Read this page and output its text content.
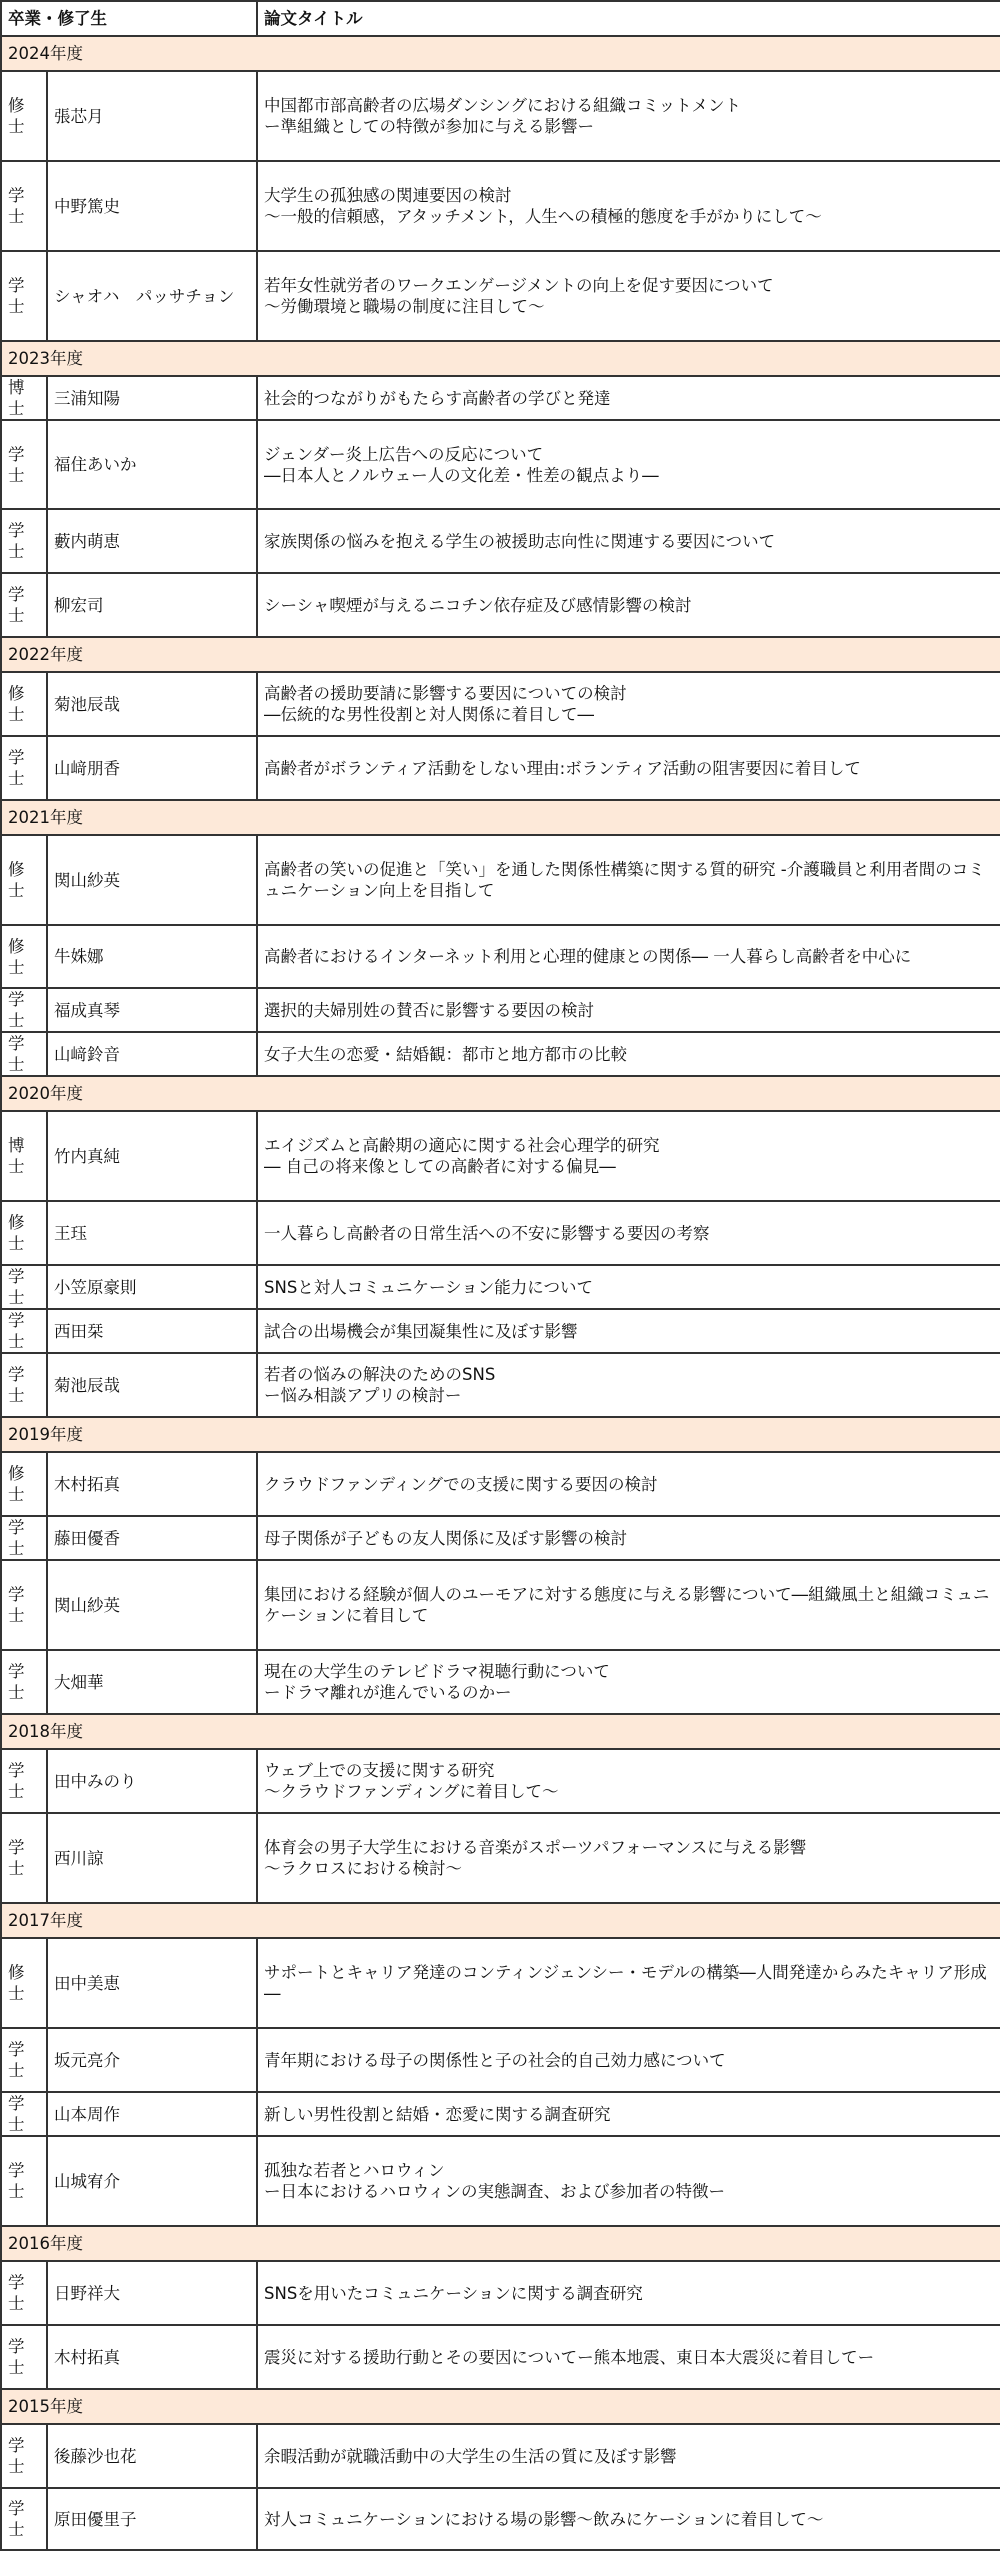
卒業・修了生		論文タイトル
2024年度		
修士	張芯月	中国都市部高齢者の広場ダンシングにおける組織コミットメント
ー準組織としての特徴が参加に与える影響ー
学士	中野篤史	大学生の孤独感の関連要因の検討
〜一般的信頼感，アタッチメント，人生への積極的態度を手がかりにして〜
学士	シャオハ　パッサチョン	若年女性就労者のワークエンゲージメントの向上を促す要因について
〜労働環境と職場の制度に注目して〜
2023年度		
博士	三浦知陽	社会的つながりがもたらす高齢者の学びと発達
学士	福住あいか	ジェンダー炎上広告への反応について
―日本人とノルウェー人の文化差・性差の観点より―
学士	藪内萌恵	家族関係の悩みを抱える学生の被援助志向性に関連する要因について
学士	柳宏司	シーシャ喫煙が与えるニコチン依存症及び感情影響の検討
2022年度		
修士	菊池辰哉	高齢者の援助要請に影響する要因についての検討
―伝統的な男性役割と対人関係に着目して―
学士	山﨑朋香	高齢者がボランティア活動をしない理由:ボランティア活動の阻害要因に着目して
2021年度		
修士	関山紗英	高齢者の笑いの促進と「笑い」を通した関係性構築に関する質的研究 -介護職員と利用者間のコミュニケーション向上を目指して
修士	牛姝娜	高齢者におけるインターネット利用と心理的健康との関係― 一人暮らし高齢者を中心に
学士	福成真琴	選択的夫婦別姓の賛否に影響する要因の検討
学士	山﨑鈴音	女子大生の恋愛・結婚観：都市と地方都市の比較
2020年度		
博士	竹内真純	エイジズムと高齢期の適応に関する社会心理学的研究
― 自己の将来像としての高齢者に対する偏見―
修士	王珏	一人暮らし高齢者の日常生活への不安に影響する要因の考察
学士	小笠原豪則	SNSと対人コミュニケーション能力について
学士	西田栞	試合の出場機会が集団凝集性に及ぼす影響
学士	菊池辰哉	若者の悩みの解決のためのSNS
ー悩み相談アプリの検討ー
2019年度		
修士	木村拓真	クラウドファンディングでの支援に関する要因の検討
学士	藤田優香	母子関係が子どもの友人関係に及ぼす影響の検討
学士	関山紗英	集団における経験が個人のユーモアに対する態度に与える影響について―組織風土と組織コミュニケーションに着目して
学士	大畑華	現在の大学生のテレビドラマ視聴行動について
ードラマ離れが進んでいるのかー
2018年度		
学士	田中みのり	ウェブ上での支援に関する研究
〜クラウドファンディングに着目して〜
学士	西川諒	体育会の男子大学生における音楽がスポーツパフォーマンスに与える影響
〜ラクロスにおける検討〜
2017年度		
修士	田中美恵	サポートとキャリア発達のコンティンジェンシー・モデルの構築―人間発達からみたキャリア形成―
学士	坂元亮介	青年期における母子の関係性と子の社会的自己効力感について
学士	山本周作	新しい男性役割と結婚・恋愛に関する調査研究
学士	山城宥介	孤独な若者とハロウィン
ー日本におけるハロウィンの実態調査、および参加者の特徴ー
2016年度		
学士	日野祥大	SNSを用いたコミュニケーションに関する調査研究
学士	木村拓真	震災に対する援助行動とその要因についてー熊本地震、東日本大震災に着目してー
2015年度		
学士	後藤沙也花	余暇活動が就職活動中の大学生の生活の質に及ぼす影響
学士	原田優里子	対人コミュニケーションにおける場の影響〜飲みにケーションに着目して〜
